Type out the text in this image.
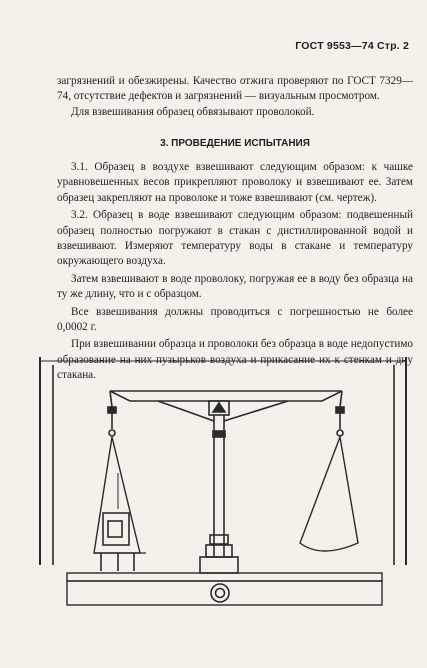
ГОСТ 9553—74 Стр. 2

загрязнений и обезжирены. Качество отжига проверяют по ГОСТ 7329—74, отсутствие дефектов и загрязнений — визуальным просмотром.

Для взвешивания образец обвязывают проволокой.

3. ПРОВЕДЕНИЕ ИСПЫТАНИЯ

3.1. Образец в воздухе взвешивают следующим образом: к чашке уравновешенных весов прикрепляют проволоку и взвешивают ее. Затем образец закрепляют на проволоке и тоже взвешивают (см. чертеж).

3.2. Образец в воде взвешивают следующим образом: подвешенный образец полностью погружают в стакан с дистиллированной водой и взвешивают. Измеряют температуру воды в стакане и температуру окружающего воздуха.

Затем взвешивают в воде проволоку, погружая ее в воду без образца на ту же длину, что и с образцом.

Все взвешивания должны проводиться с погрешностью не более 0,0002 г.

При взвешивании образца и проволоки без образца в воде недопустимо образование на них пузырьков воздуха и прикасание их к стенкам и дну стакана.
